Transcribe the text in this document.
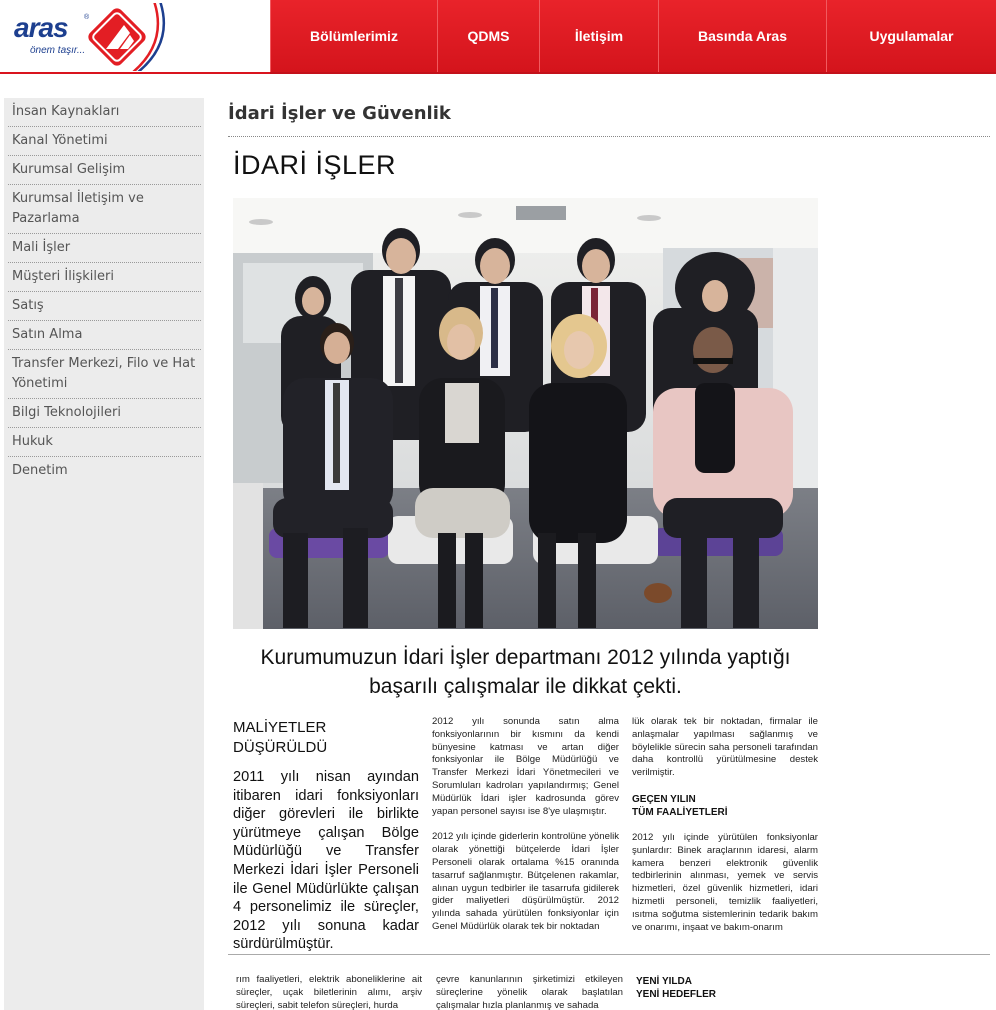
aras ®
önem taşır...
Bölümlerimiz	QDMS	İletişim	Basında Aras	Uygulamalar
İnsan Kaynakları
Kanal Yönetimi
Kurumsal Gelişim
Kurumsal İletişim ve Pazarlama
Mali İşler
Müşteri İlişkileri
Satış
Satın Alma
Transfer Merkezi, Filo ve Hat Yönetimi
Bilgi Teknolojileri
Hukuk
Denetim
İdari İşler ve Güvenlik
İDARİ İŞLER
Kurumumuzun İdari İşler departmanı 2012 yılında yaptığı başarılı çalışmalar ile dikkat çekti.
MALİYETLER
DÜŞÜRÜLDÜ
2011 yılı nisan ayından itibaren idari fonksiyonları diğer görevleri ile birlikte yürütmeye çalışan Bölge Müdürlüğü ve Transfer Merkezi İdari İşler Personeli ile Genel Müdürlükte çalışan 4 personelimiz ile süreçler, 2012 yılı sonuna kadar sürdürülmüştür.

2012 yılı sonunda satın alma fonksiyonlarının bir kısmını da kendi bünyesine katması ve artan diğer fonksiyonlar ile Bölge Müdürlüğü ve Transfer Merkezi İdari Yönetmecileri ve Sorumluları kadroları yapılandırmış; Genel Müdürlük İdari işler kadrosunda görev yapan personel sayısı ise 8'ye ulaşmıştır.

2012 yılı içinde giderlerin kontrolüne yönelik olarak yönettiği bütçelerde İdari İşler Personeli olarak ortalama %15 oranında tasarruf sağlanmıştır. Bütçelenen rakamlar, alınan uygun tedbirler ile tasarrufa gidilerek gider maliyetleri düşürülmüştür. 2012 yılında sahada yürütülen fonksiyonlar için Genel Müdürlük olarak tek bir noktadan

lük olarak tek bir noktadan, firmalar ile anlaşmalar yapılması sağlanmış ve böylelikle sürecin saha personeli tarafından daha kontrollü yürütülmesine destek verilmiştir.

GEÇEN YILIN
TÜM FAALİYETLERİ

2012 yılı içinde yürütülen fonksiyonlar şunlardır: Binek araçlarının idaresi, alarm kamera benzeri elektronik güvenlik tedbirlerinin alınması, yemek ve servis hizmetleri, özel güvenlik hizmetleri, idari hizmetli personeli, temizlik faaliyetleri, ısıtma soğutma sistemlerinin tedarik bakım ve onarımı, inşaat ve bakım-onarım

rım faaliyetleri, elektrik aboneliklerine ait süreçler, uçak biletlerinin alımı, arşiv süreçleri, sabit telefon süreçleri, hurda
çevre kanunlarının şirketimizi etkileyen süreçlerine yönelik olarak başlatılan çalışmalar hızla planlanmış ve sahada
YENİ YILDA
YENİ HEDEFLER
